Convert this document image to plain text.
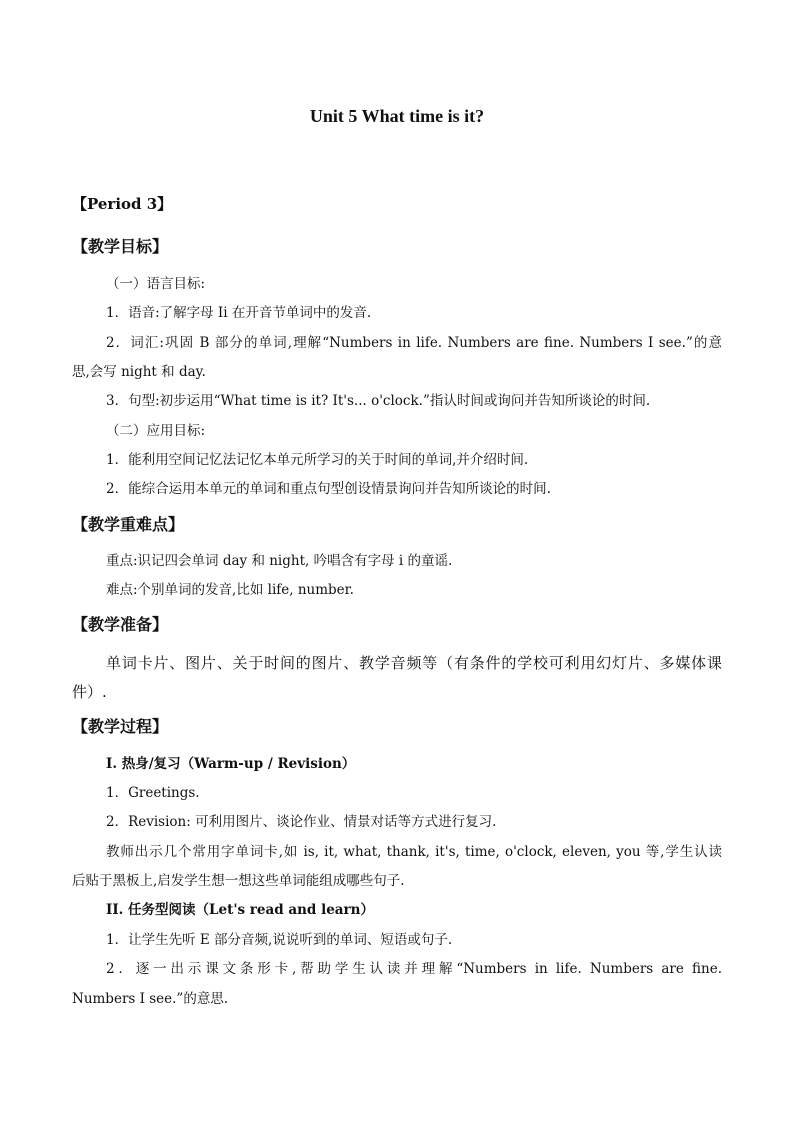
Unit 5 What time is it?
【Period 3】
【教学目标】
（一）语言目标:
1．语音:了解字母 Ii 在开音节单词中的发音.
2．词汇:巩固 B 部分的单词,理解“Numbers in life. Numbers are fine. Numbers I see.”的意
思,会写 night 和 day.
3．句型:初步运用“What time is it? It's... o'clock.”指认时间或询问并告知所谈论的时间.
（二）应用目标:
1．能利用空间记忆法记忆本单元所学习的关于时间的单词,并介绍时间.
2．能综合运用本单元的单词和重点句型创设情景询问并告知所谈论的时间.
【教学重难点】
重点:识记四会单词 day 和 night, 吟唱含有字母 i 的童谣.
难点:个别单词的发音,比如 life, number.
【教学准备】
单词卡片、图片、关于时间的图片、教学音频等（有条件的学校可利用幻灯片、多媒体课
件）.
【教学过程】
I. 热身/复习（Warm-up / Revision）
1．Greetings.
2．Revision: 可利用图片、谈论作业、情景对话等方式进行复习.
教师出示几个常用字单词卡,如 is, it, what, thank, it's, time, o'clock, eleven, you 等,学生认读
后贴于黑板上,启发学生想一想这些单词能组成哪些句子.
II. 任务型阅读（Let's read and learn）
1．让学生先听 E 部分音频,说说听到的单词、短语或句子.
2．逐一出示课文条形卡,帮助学生认读并理解“Numbers in life. Numbers are fine.
Numbers I see.”的意思.
